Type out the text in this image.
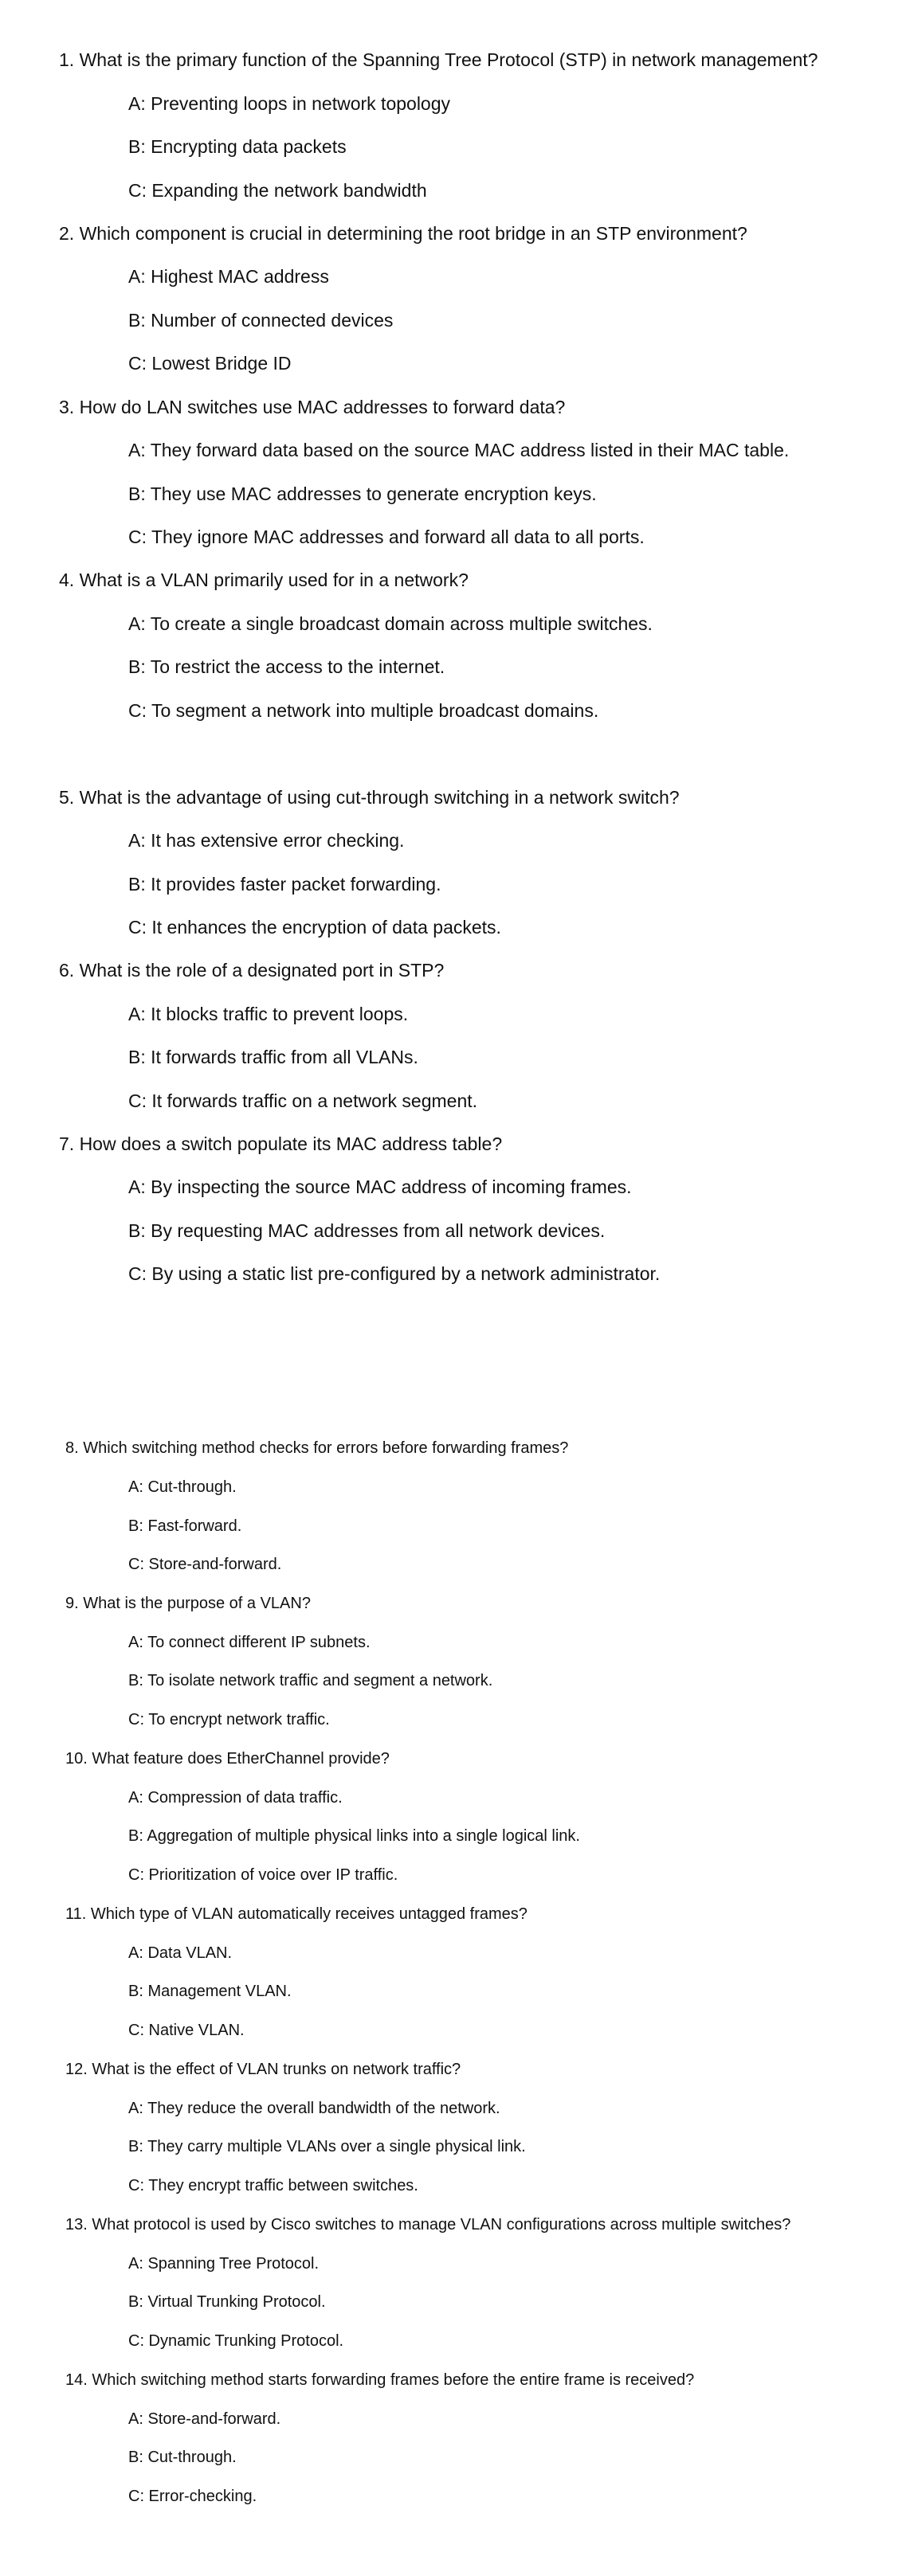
1. What is the primary function of the Spanning Tree Protocol (STP) in network management?
A: Preventing loops in network topology
B: Encrypting data packets
C: Expanding the network bandwidth
2. Which component is crucial in determining the root bridge in an STP environment?
A: Highest MAC address
B: Number of connected devices
C: Lowest Bridge ID
3. How do LAN switches use MAC addresses to forward data?
A: They forward data based on the source MAC address listed in their MAC table.
B: They use MAC addresses to generate encryption keys.
C: They ignore MAC addresses and forward all data to all ports.
4. What is a VLAN primarily used for in a network?
A: To create a single broadcast domain across multiple switches.
B: To restrict the access to the internet.
C: To segment a network into multiple broadcast domains.
5. What is the advantage of using cut-through switching in a network switch?
A: It has extensive error checking.
B: It provides faster packet forwarding.
C: It enhances the encryption of data packets.
6. What is the role of a designated port in STP?
A: It blocks traffic to prevent loops.
B: It forwards traffic from all VLANs.
C: It forwards traffic on a network segment.
7. How does a switch populate its MAC address table?
A: By inspecting the source MAC address of incoming frames.
B: By requesting MAC addresses from all network devices.
C: By using a static list pre-configured by a network administrator.
8. Which switching method checks for errors before forwarding frames?
A: Cut-through.
B: Fast-forward.
C: Store-and-forward.
9. What is the purpose of a VLAN?
A: To connect different IP subnets.
B: To isolate network traffic and segment a network.
C: To encrypt network traffic.
10. What feature does EtherChannel provide?
A: Compression of data traffic.
B: Aggregation of multiple physical links into a single logical link.
C: Prioritization of voice over IP traffic.
11. Which type of VLAN automatically receives untagged frames?
A: Data VLAN.
B: Management VLAN.
C: Native VLAN.
12. What is the effect of VLAN trunks on network traffic?
A: They reduce the overall bandwidth of the network.
B: They carry multiple VLANs over a single physical link.
C: They encrypt traffic between switches.
13. What protocol is used by Cisco switches to manage VLAN configurations across multiple switches?
A: Spanning Tree Protocol.
B: Virtual Trunking Protocol.
C: Dynamic Trunking Protocol.
14. Which switching method starts forwarding frames before the entire frame is received?
A: Store-and-forward.
B: Cut-through.
C: Error-checking.
